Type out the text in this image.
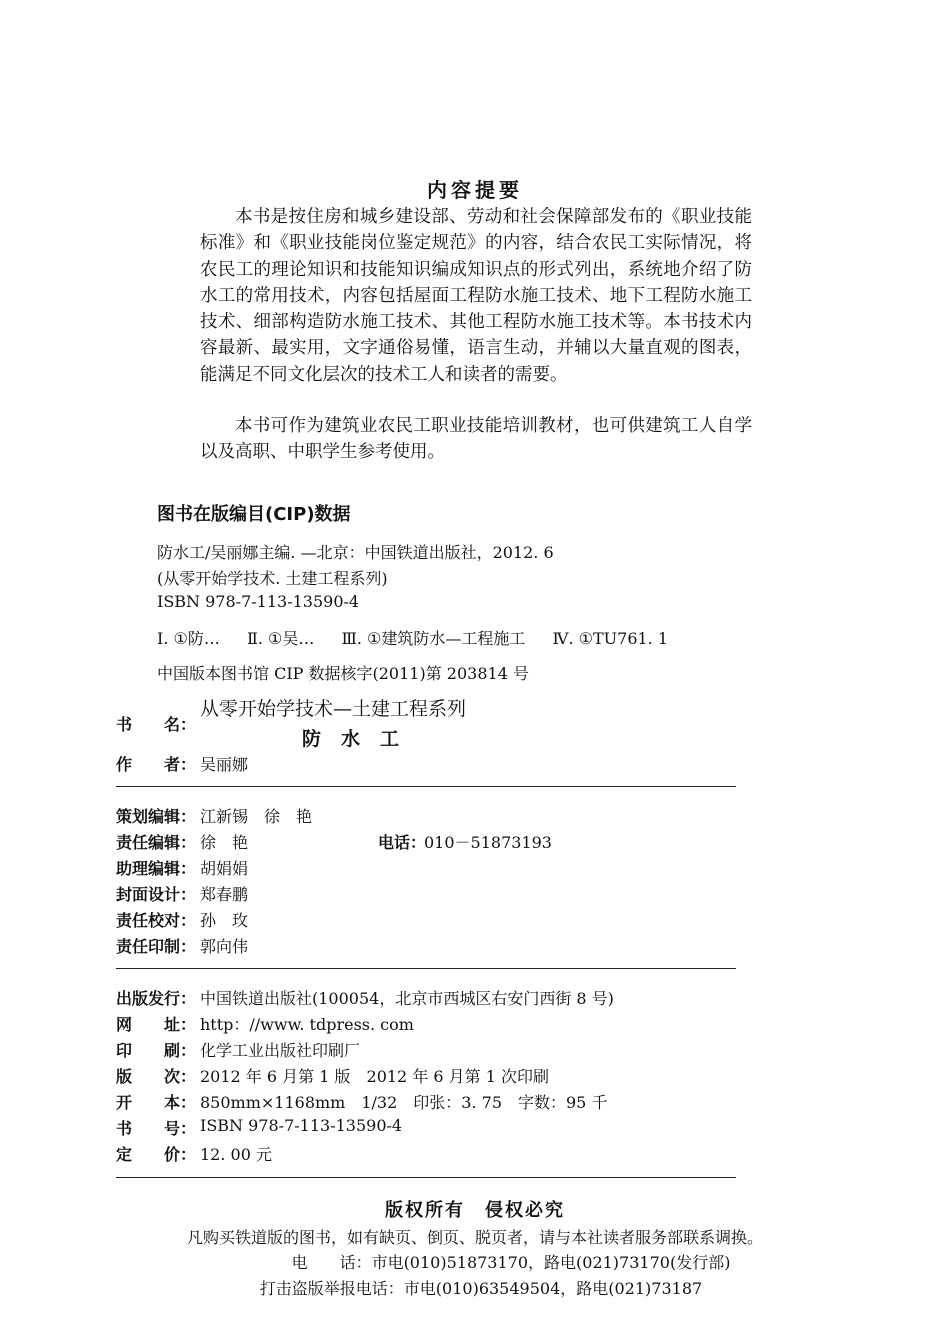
内容提要

本书是按住房和城乡建设部、劳动和社会保障部发布的《职业技能标准》和《职业技能岗位鉴定规范》的内容，结合农民工实际情况，将农民工的理论知识和技能知识编成知识点的形式列出，系统地介绍了防水工的常用技术，内容包括屋面工程防水施工技术、地下工程防水施工技术、细部构造防水施工技术、其他工程防水施工技术等。本书技术内容最新、最实用，文字通俗易懂，语言生动，并辅以大量直观的图表，能满足不同文化层次的技术工人和读者的需要。

本书可作为建筑业农民工职业技能培训教材，也可供建筑工人自学以及高职、中职学生参考使用。

图书在版编目(CIP)数据
防水工/吴丽娜主编. —北京：中国铁道出版社，2012. 6
(从零开始学技术. 土建工程系列)
ISBN 978-7-113-13590-4
Ⅰ. ①防… Ⅱ. ①吴… Ⅲ. ①建筑防水—工程施工 Ⅳ. ①TU761. 1
中国版本图书馆 CIP 数据核字(2011)第 203814 号
书　　名：
从零开始学技术—土建工程系列
防水工
作　　者： 吴丽娜
策划编辑： 江新锡　徐　艳
责任编辑： 徐　艳	电话：
010－51873193
助理编辑： 胡娟娟
封面设计： 郑春鹏
责任校对： 孙　玫
责任印制： 郭向伟
出版发行： 中国铁道出版社(100054，北京市西城区右安门西街 8 号)
网　　址： http：//www. tdpress. com
印　　刷： 化学工业出版社印刷厂
版　　次： 2012 年 6 月第 1 版　2012 年 6 月第 1 次印刷
开　　本： 850mm×1168mm　1/32　印张：3. 75　字数：95 千
书　　号： ISBN 978-7-113-13590-4
定　　价： 12. 00 元
版权所有　侵权必究
凡购买铁道版的图书，如有缺页、倒页、脱页者，请与本社读者服务部联系调换。
电　　话：市电(010)51873170，路电(021)73170(发行部)
打击盗版举报电话：市电(010)63549504，路电(021)73187
